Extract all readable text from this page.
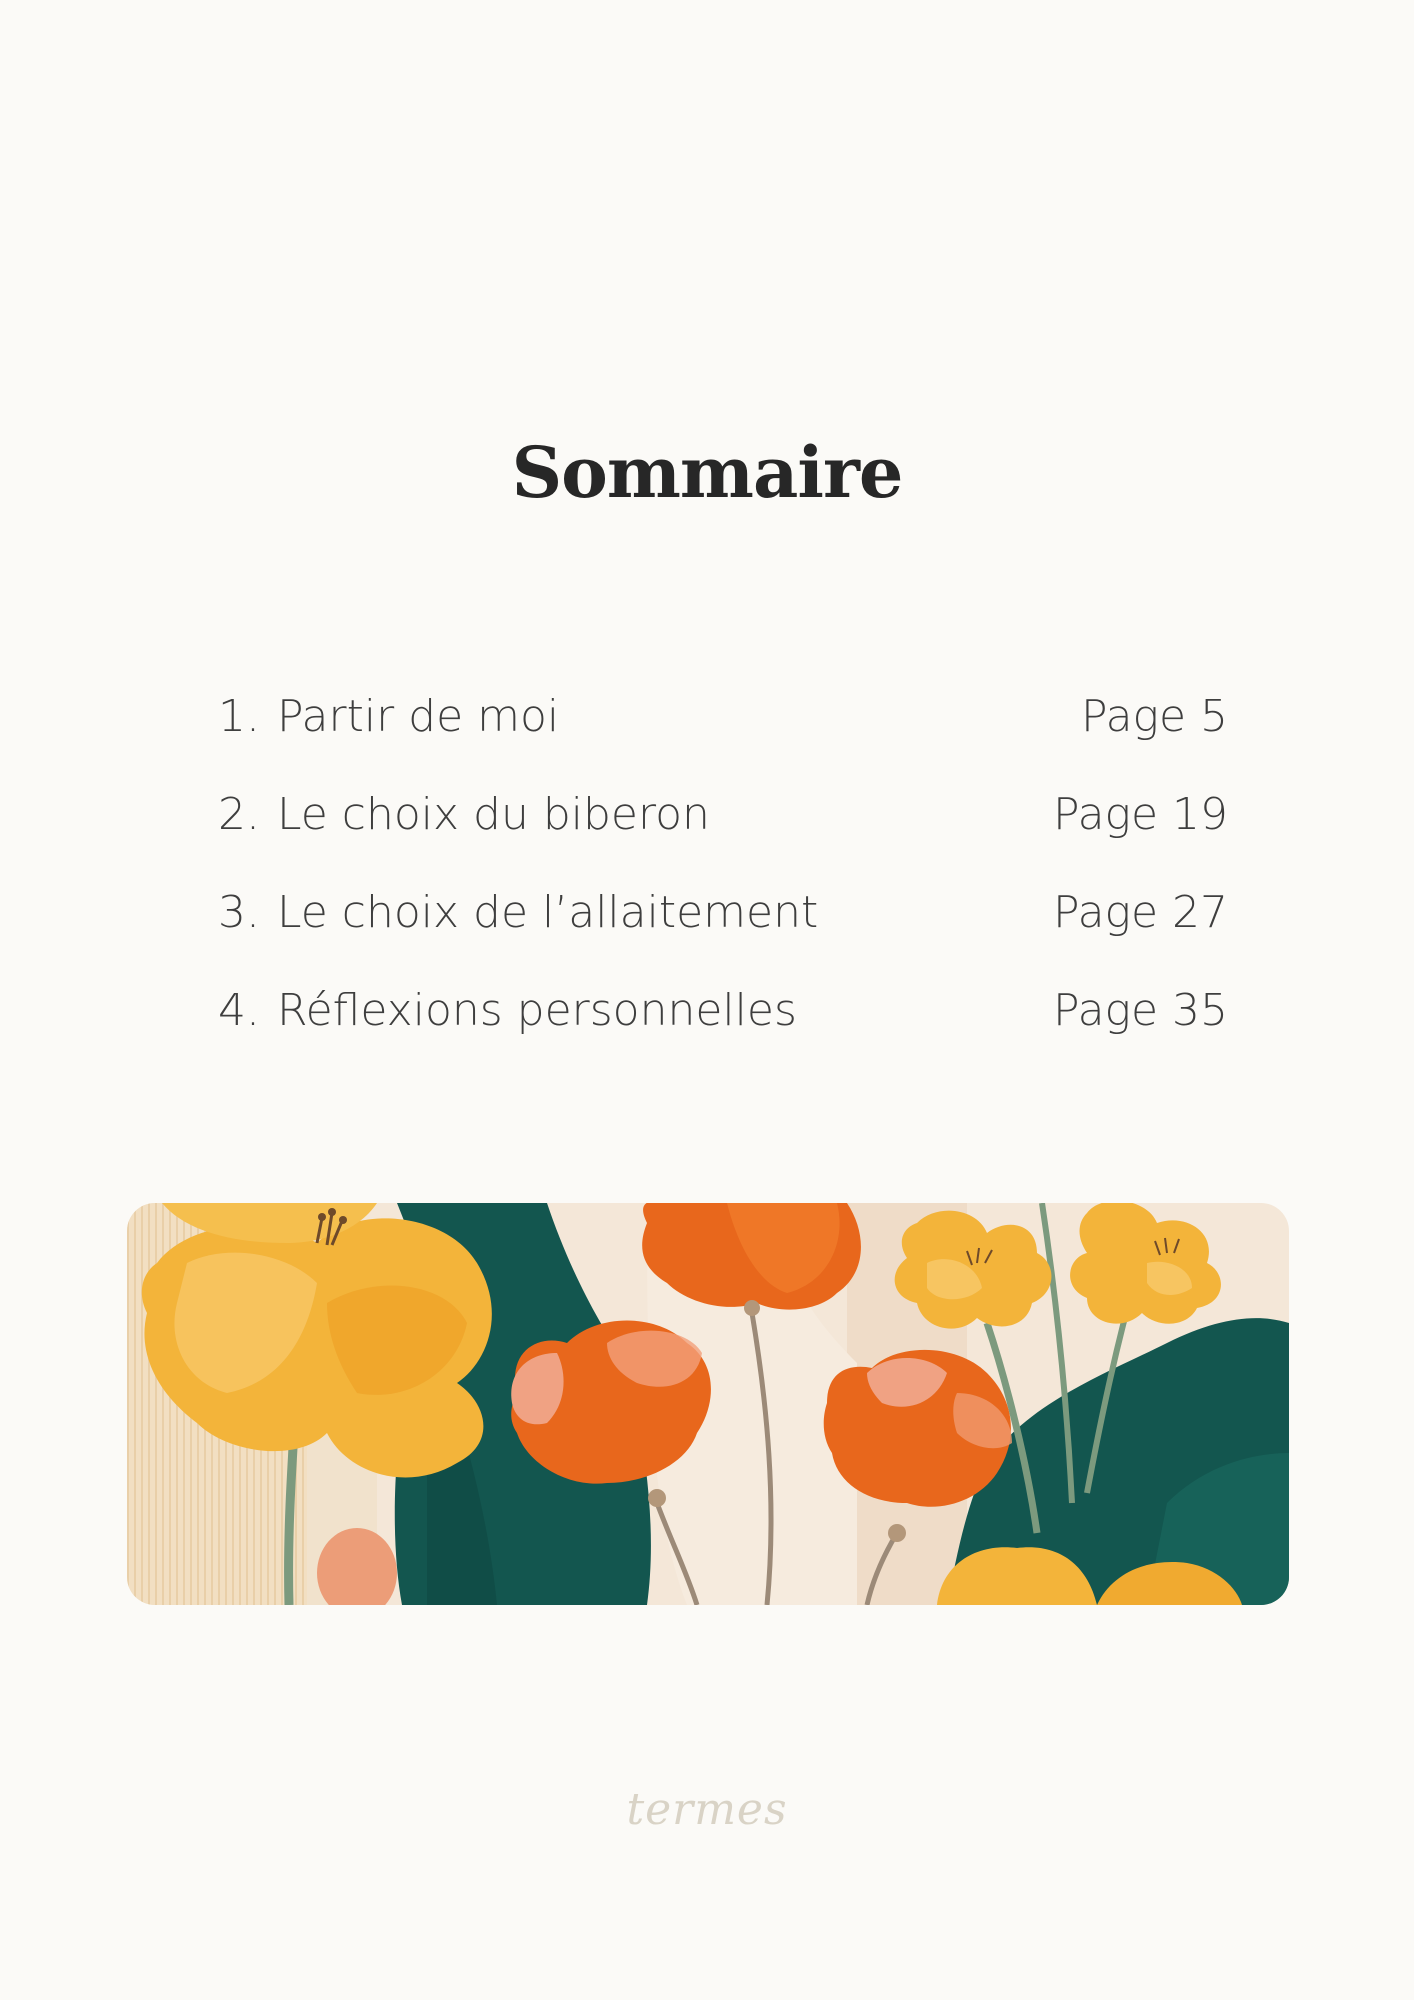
Sommaire
1. Partir de moi	Page 5
2. Le choix du biberon	Page 19
3. Le choix de l’allaitement	Page 27
4. Réflexions personnelles	Page 35
termes
